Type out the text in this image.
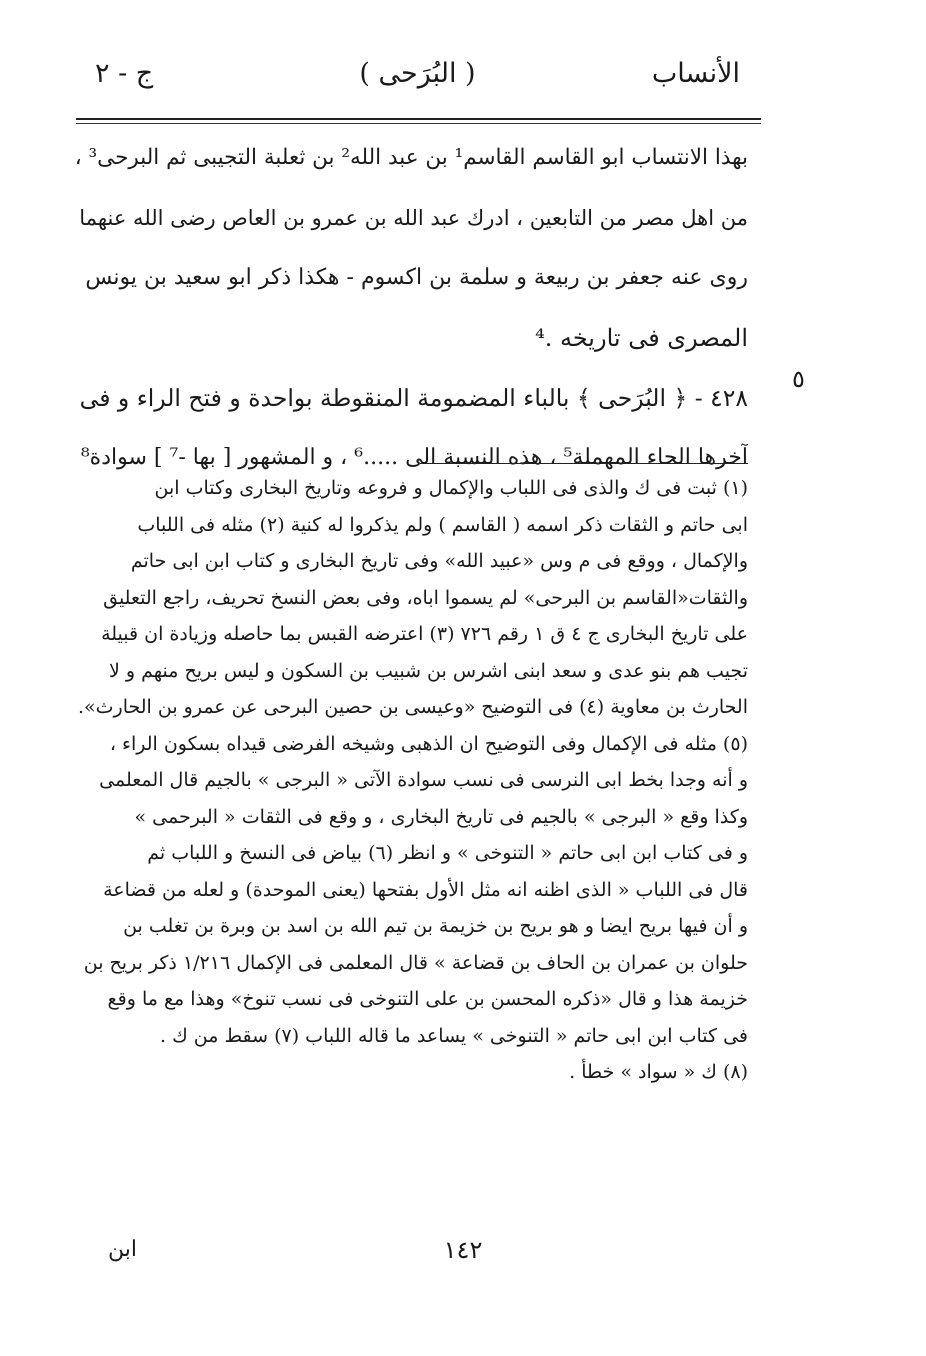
الأنساب
( البُرَحى )
ج - ٢
بهذا الانتساب ابو القاسم القاسم¹ بن عبد الله² بن ثعلبة التجيبى ثم البرحى³ ،
من اهل مصر من التابعين ، ادرك عبد الله بن عمرو بن العاص رضى الله عنهما
روى عنه جعفر بن ربيعة و سلمة بن اكسوم - هكذا ذكر ابو سعيد بن يونس
المصرى فى تاريخه .⁴
٤٢٨ - ﴿ البُرَحى ﴾ بالباء المضمومة المنقوطة بواحدة و فتح الراء و فى
آخرها الحاء المهملة⁵ ، هذه النسبة الى .....⁶ ، و المشهور [ بها -⁷ ] سوادة⁸
٥
(١) ثبت فى ك والذى فى اللباب والإكمال و فروعه وتاريخ البخارى وكتاب ابن
ابى حاتم و الثقات ذكر اسمه ( القاسم ) ولم يذكروا له كنية (٢) مثله فى اللباب
والإكمال ، ووقع فى م وس «عبيد الله» وفى تاريخ البخارى و كتاب ابن ابى حاتم
والثقات«القاسم بن البرحى» لم يسموا اباه، وفى بعض النسخ تحريف، راجع التعليق
على تاريخ البخارى ج ٤ ق ١ رقم ٧٢٦ (٣) اعترضه القبس بما حاصله وزيادة ان قبيلة
تجيب هم بنو عدى و سعد ابنى اشرس بن شبيب بن السكون و ليس بريح منهم و لا
الحارث بن معاوية (٤) فى التوضيح «وعيسى بن حصين البرحى عن عمرو بن الحارث».
(٥) مثله فى الإكمال وفى التوضيح ان الذهبى وشيخه الفرضى قيداه بسكون الراء ،
و أنه وجدا بخط ابى النرسى فى نسب سوادة الآتى « البرجى » بالجيم قال المعلمى
وكذا وقع « البرجى » بالجيم فى تاريخ البخارى ، و وقع فى الثقات « البرحمى »
و فى كتاب ابن ابى حاتم « التنوخى » و انظر (٦) بياض فى النسخ و اللباب ثم
قال فى اللباب « الذى اظنه انه مثل الأول بفتحها (يعنى الموحدة) و لعله من قضاعة
و أن فيها بريح ايضا و هو بريح بن خزيمة بن تيم الله بن اسد بن وبرة بن تغلب بن
حلوان بن عمران بن الحاف بن قضاعة » قال المعلمى فى الإكمال ١/٢١٦ ذكر بريح بن
خزيمة هذا و قال «ذكره المحسن بن على التنوخى فى نسب تنوخ» وهذا مع ما وقع
فى كتاب ابن ابى حاتم « التنوخى » يساعد ما قاله اللباب (٧) سقط من ك .
(٨) ك « سواد » خطأ .
١٤٢
ابن
